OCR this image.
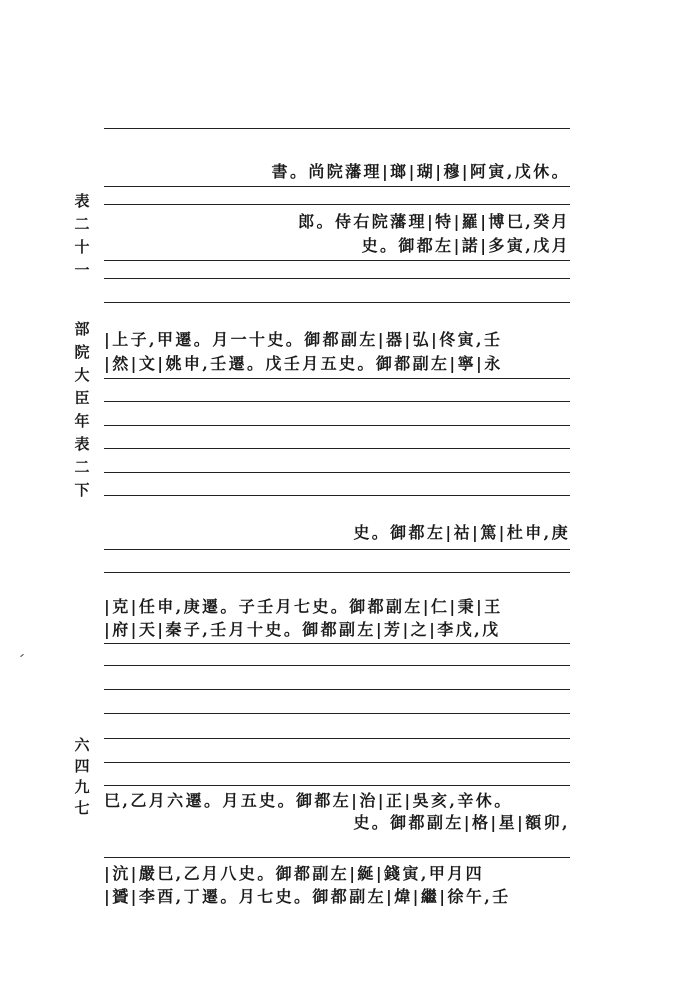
表
二
十
一
部
院
大
臣
年
表
二
下
六
四
九
七
書。尚院藩理|瑯|瑚|穆|阿寅,戊休。
郎。侍右院藩理|特|羅|博巳,癸月
史。御都左|諾|多寅,戊月
|上子,甲遷。月一十史。御都副左|器|弘|佟寅,壬
|然|文|姚申,壬遷。戊壬月五史。御都副左|寧|永
史。御都左|祜|篤|杜申,庚
|克|任申,庚遷。子壬月七史。御都副左|仁|秉|王
|府|天|秦子,壬月十史。御都副左|芳|之|李戊,戊
巳,乙月六遷。月五史。御都左|治|正|吳亥,辛休。
史。御都副左|格|星|額卯,
|沆|嚴巳,乙月八史。御都副左|綖|錢寅,甲月四
|贇|李酉,丁遷。月七史。御都副左|煒|繼|徐午,壬
